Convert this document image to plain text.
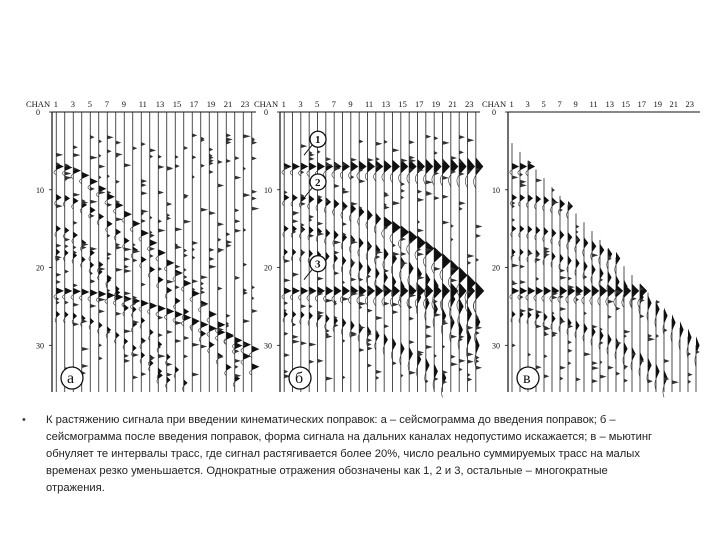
CHAN 1 3 5 7 9 11 13 15 17 19 21 23
0
10
20
30
а
CHAN 1 3 5 7 9 11 13 15 17 19 21 23
0
10
20
30
б
1
2
3
CHAN 1 3 5 7 9 11 13 15 17 19 21 23
0
10
20
30
в
• К растяжению сигнала при введении кинематических поправок: а – сейсмограмма до введения поправок; б – сейсмограмма после введения поправок, форма сигнала на дальних каналах недопустимо искажается; в – мьютинг обнуляет те интервалы трасс, где сигнал растягивается более 20%, число реально суммируемых трасс на малых временах резко уменьшается. Однократные отражения обозначены как 1, 2 и 3, остальные – многократные отражения.
